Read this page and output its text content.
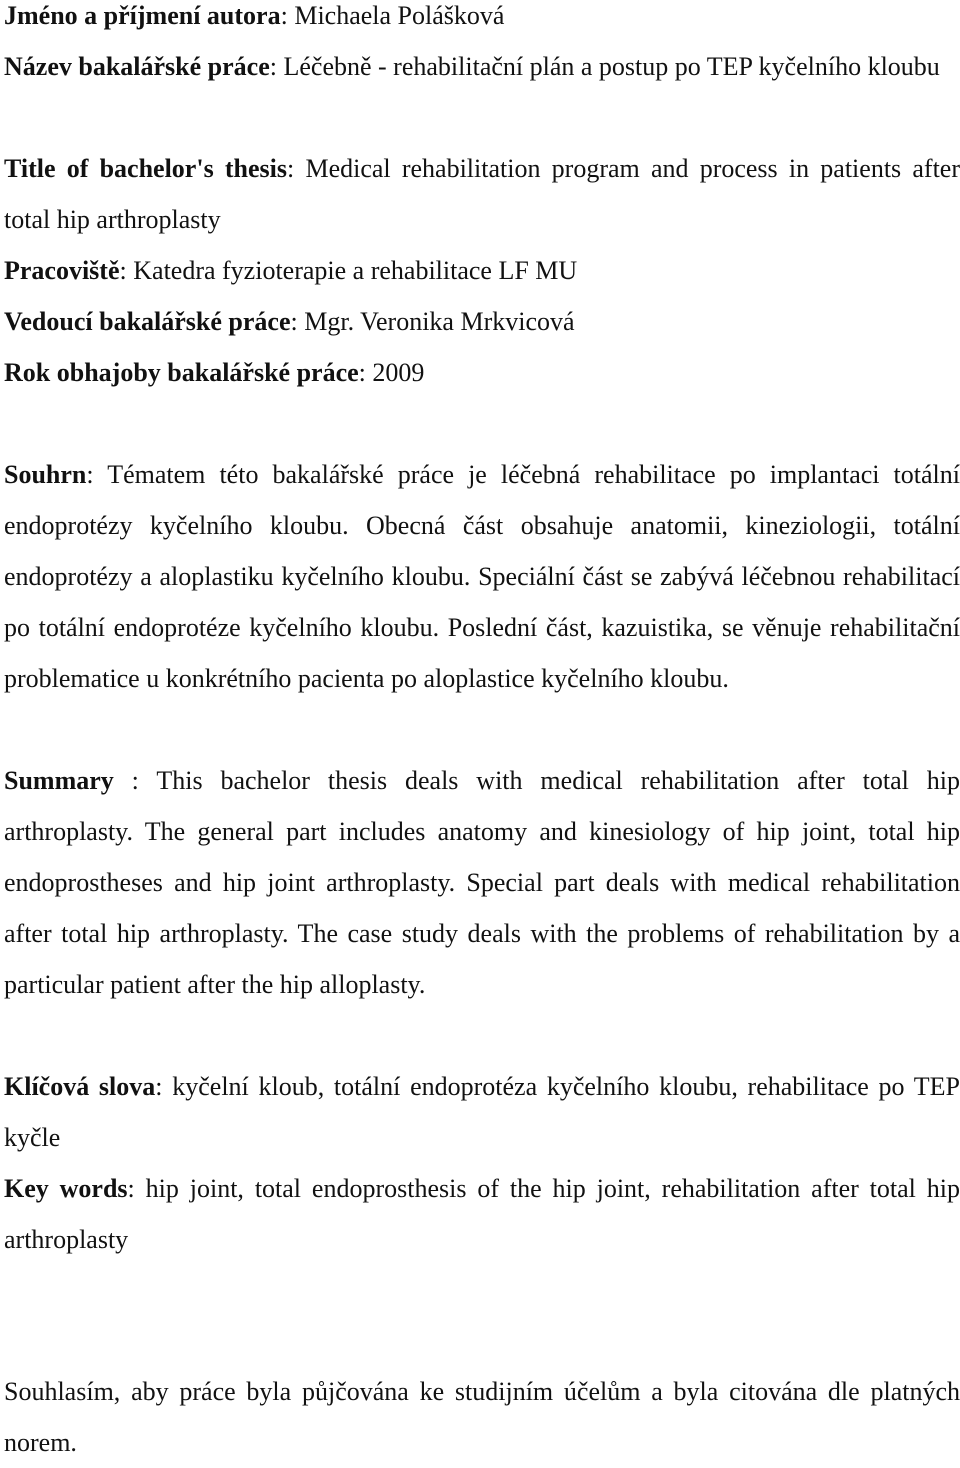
Jméno a příjmení autora: Michaela Polášková
Název bakalářské práce: Léčebně - rehabilitační plán a postup po TEP kyčelního kloubu
Title of bachelor's thesis: Medical rehabilitation program and process in patients after total hip arthroplasty
Pracoviště: Katedra fyzioterapie a rehabilitace LF MU
Vedoucí bakalářské práce: Mgr. Veronika Mrkvicová
Rok obhajoby bakalářské práce: 2009
Souhrn: Tématem této bakalářské práce je léčebná rehabilitace po implantaci totální endoprotézy kyčelního kloubu. Obecná část obsahuje anatomii, kineziologii, totální endoprotézy a aloplastiku kyčelního kloubu. Speciální část se zabývá léčebnou rehabilitací po totální endoprotéze kyčelního kloubu. Poslední část, kazuistika, se věnuje rehabilitační problematice u konkrétního pacienta po aloplastice kyčelního kloubu.
Summary : This bachelor thesis deals with medical rehabilitation after total hip arthroplasty. The general part includes anatomy and kinesiology of hip joint, total hip endoprostheses and hip joint arthroplasty. Special part deals with medical rehabilitation after total hip arthroplasty. The case study deals with the problems of rehabilitation by a particular patient after the hip alloplasty.
Klíčová slova: kyčelní kloub, totální endoprotéza kyčelního kloubu, rehabilitace po TEP kyčle
Key words: hip joint, total endoprosthesis of the hip joint, rehabilitation after total hip arthroplasty
Souhlasím, aby práce byla půjčována ke studijním účelům a byla citována dle platných norem.
